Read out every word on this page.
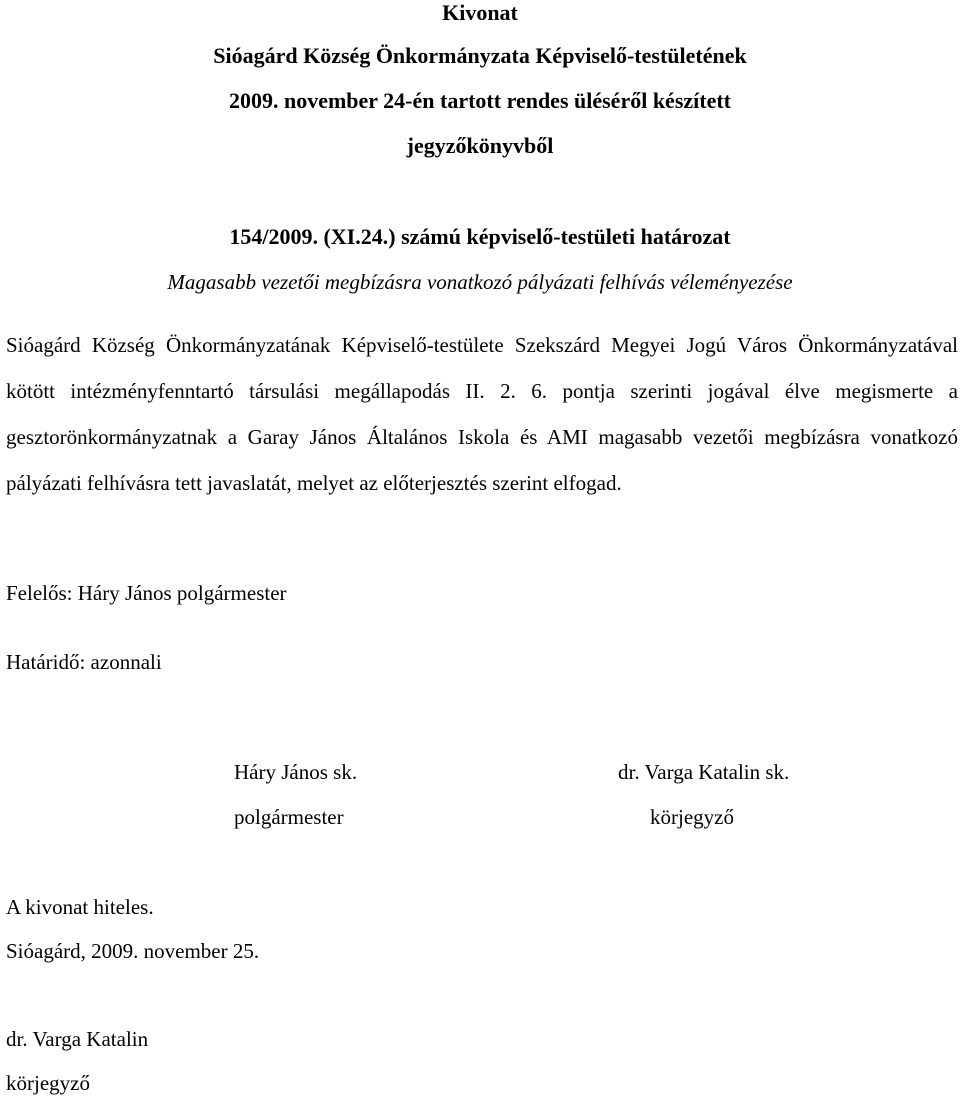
Kivonat
Sióagárd Község Önkormányzata Képviselő-testületének
2009. november 24-én tartott rendes üléséről készített
jegyzőkönyvből
154/2009. (XI.24.) számú képviselő-testületi határozat
Magasabb vezetői megbízásra vonatkozó pályázati felhívás véleményezése
Sióagárd Község Önkormányzatának Képviselő-testülete Szekszárd Megyei Jogú Város Önkormányzatával kötött intézményfenntartó társulási megállapodás II. 2. 6. pontja szerinti jogával élve megismerte a gesztorönkormányzatnak a Garay János Általános Iskola és AMI magasabb vezetői megbízásra vonatkozó pályázati felhívásra tett javaslatát, melyet az előterjesztés szerint elfogad.
Felelős: Háry János polgármester
Határidő: azonnali
Háry János sk.
polgármester
dr. Varga Katalin sk.
körjegyző
A kivonat hiteles.
Sióagárd, 2009. november 25.
dr. Varga Katalin
körjegyző
